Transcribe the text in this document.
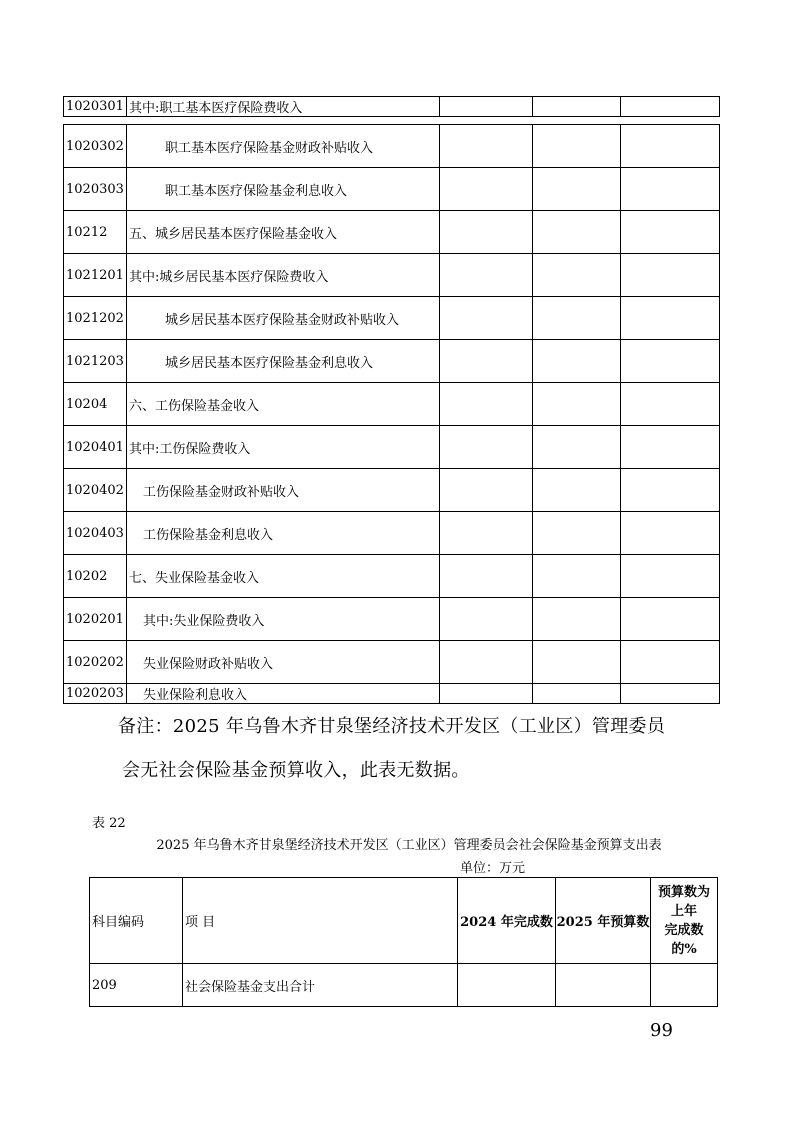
1020301	其中:职工基本医疗保险费收入			
1020302	职工基本医疗保险基金财政补贴收入			
1020303	职工基本医疗保险基金利息收入			
10212	五、城乡居民基本医疗保险基金收入			
1021201	其中:城乡居民基本医疗保险费收入			
1021202	城乡居民基本医疗保险基金财政补贴收入			
1021203	城乡居民基本医疗保险基金利息收入			
10204	六、工伤保险基金收入			
1020401	其中:工伤保险费收入			
1020402	工伤保险基金财政补贴收入			
1020403	工伤保险基金利息收入			
10202	七、失业保险基金收入			
1020201	其中:失业保险费收入			
1020202	失业保险财政补贴收入			
1020203	失业保险利息收入			
备注：2025 年乌鲁木齐甘泉堡经济技术开发区（工业区）管理委员
会无社会保险基金预算收入，此表无数据。
表 22
2025 年乌鲁木齐甘泉堡经济技术开发区（工业区）管理委员会社会保险基金预算支出表
单位：万元
科目编码	项 目	2024 年完成数	2025 年预算数	预算数为
上年
完成数
的%

209	社会保险基金支出合计			
99
